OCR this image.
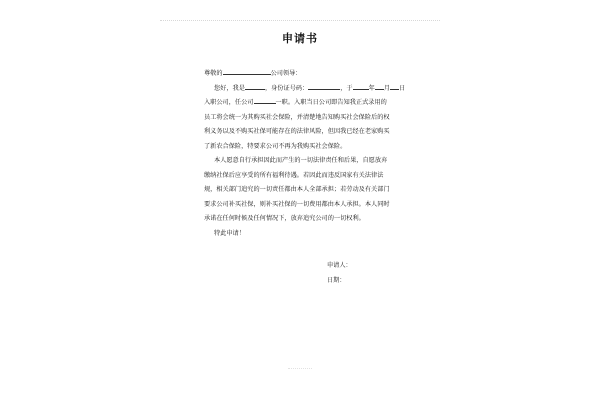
申请书
尊敬的	公司领导：
您好，我是	，身份证号码：	，于	年 月 日
入职公司，任公司	一职。入职当日公司即告知我正式录用的
员工将会统一为其购买社会保险，并清楚地告知购买社会保险后的权
利义务以及不购买社保可能存在的法律风险，但因我已经在老家购买
了新农合保险，特要求公司不再为我购买社会保险。
本人愿意自行承担因此而产生的一切法律责任和后果，自愿放弃
缴纳社保后应享受的所有福利待遇。若因此而违反国家有关法律法
规，相关部门追究的一切责任都由本人全部承担；若劳动及有关部门
要求公司补买社保，则补买社保的一切费用都由本人承担。本人同时
承诺在任何时候及任何情况下，放弃追究公司的一切权利。
特此申请！
申请人：
日期：
